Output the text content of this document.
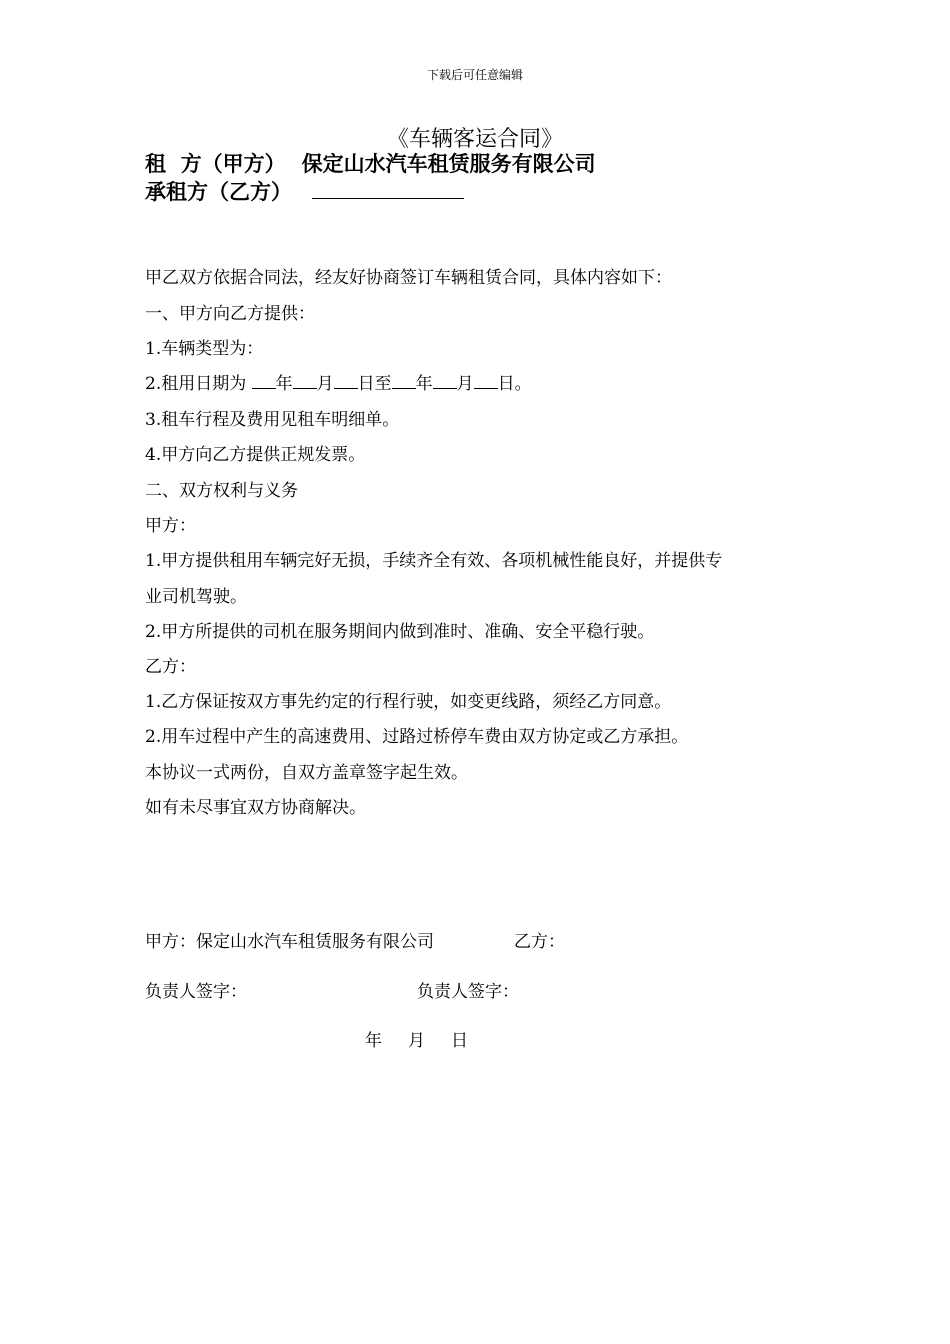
下载后可任意编辑
《车辆客运合同》
租  方（甲方） 保定山水汽车租赁服务有限公司
承租方（乙方）
甲乙双方依据合同法，经友好协商签订车辆租赁合同，具体内容如下：
一、甲方向乙方提供：
1.车辆类型为：
2.租用日期为 年 月 日至 年 月 日。
3.租车行程及费用见租车明细单。
4.甲方向乙方提供正规发票。
二、双方权利与义务
甲方：
1.甲方提供租用车辆完好无损，手续齐全有效、各项机械性能良好，并提供专
业司机驾驶。
2.甲方所提供的司机在服务期间内做到准时、准确、安全平稳行驶。
乙方：
1.乙方保证按双方事先约定的行程行驶，如变更线路，须经乙方同意。
2.用车过程中产生的高速费用、过路过桥停车费由双方协定或乙方承担。
本协议一式两份，自双方盖章签字起生效。
如有未尽事宜双方协商解决。
甲方：保定山水汽车租赁服务有限公司	乙方：
负责人签字：	负责人签字：
年 月 日
